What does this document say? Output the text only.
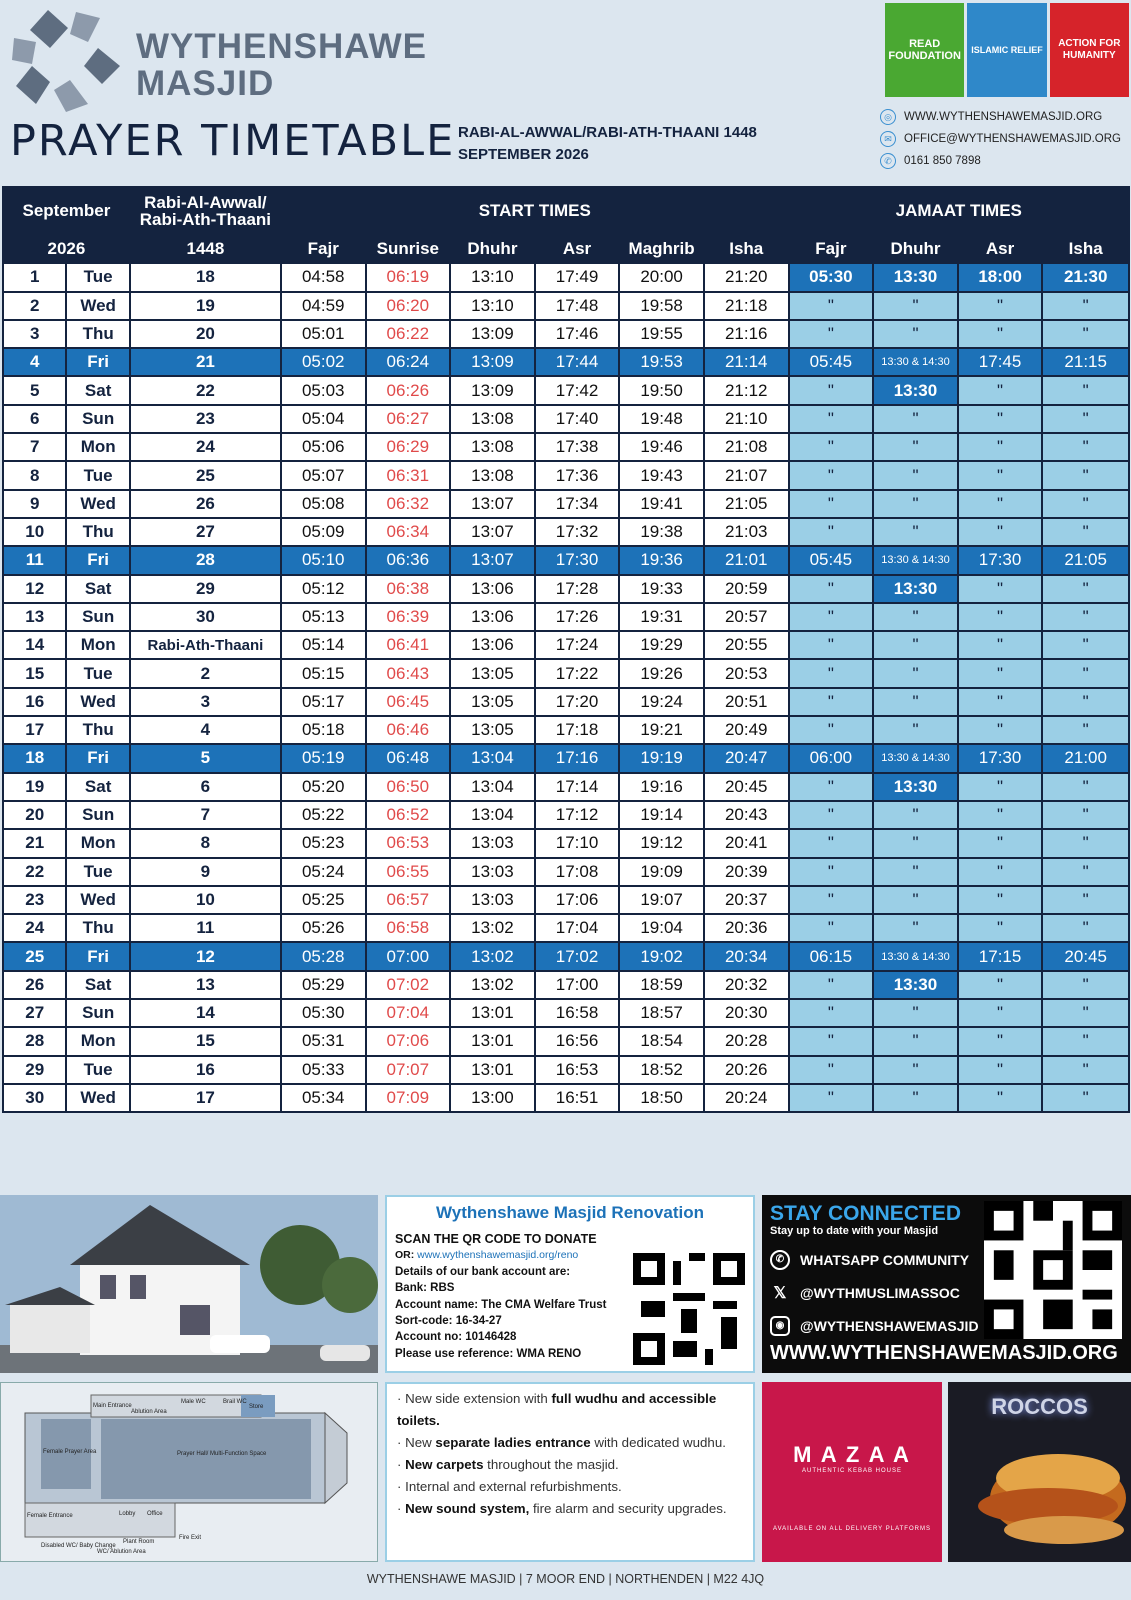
WYTHENSHAWE
MASJID
PRAYER TIMETABLE RABI-AL-AWWAL/RABI-ATH-THAANI 1448
SEPTEMBER 2026
READ FOUNDATION	ISLAMIC RELIEF
ACTION FOR HUMANITY
◎	WWW.WYTHENSHAWEMASJID.ORG
✉	OFFICE@WYTHENSHAWEMASJID.ORG
✆	0161 850 7898
September		Rabi-Al-Awwal/ Rabi-Ath-Thaani	START TIMES						JAMAAT TIMES			
2026		1448	Fajr	Sunrise	Dhuhr	Asr	Maghrib	Isha	Fajr	Dhuhr	Asr	Isha
1	Tue	18	04:58	06:19	13:10	17:49	20:00	21:20	05:30	13:30	18:00	21:30
2	Wed	19	04:59	06:20	13:10	17:48	19:58	21:18	"	"	"	"
3	Thu	20	05:01	06:22	13:09	17:46	19:55	21:16	"	"	"	"
4	Fri	21	05:02	06:24	13:09	17:44	19:53	21:14	05:45	13:30 & 14:30	17:45	21:15
5	Sat	22	05:03	06:26	13:09	17:42	19:50	21:12	"	13:30	"	"
6	Sun	23	05:04	06:27	13:08	17:40	19:48	21:10	"	"	"	"
7	Mon	24	05:06	06:29	13:08	17:38	19:46	21:08	"	"	"	"
8	Tue	25	05:07	06:31	13:08	17:36	19:43	21:07	"	"	"	"
9	Wed	26	05:08	06:32	13:07	17:34	19:41	21:05	"	"	"	"
10	Thu	27	05:09	06:34	13:07	17:32	19:38	21:03	"	"	"	"
11	Fri	28	05:10	06:36	13:07	17:30	19:36	21:01	05:45	13:30 & 14:30	17:30	21:05
12	Sat	29	05:12	06:38	13:06	17:28	19:33	20:59	"	13:30	"	"
13	Sun	30	05:13	06:39	13:06	17:26	19:31	20:57	"	"	"	"
14	Mon	Rabi-Ath-Thaani	05:14	06:41	13:06	17:24	19:29	20:55	"	"	"	"
15	Tue	2	05:15	06:43	13:05	17:22	19:26	20:53	"	"	"	"
16	Wed	3	05:17	06:45	13:05	17:20	19:24	20:51	"	"	"	"
17	Thu	4	05:18	06:46	13:05	17:18	19:21	20:49	"	"	"	"
18	Fri	5	05:19	06:48	13:04	17:16	19:19	20:47	06:00	13:30 & 14:30	17:30	21:00
19	Sat	6	05:20	06:50	13:04	17:14	19:16	20:45	"	13:30	"	"
20	Sun	7	05:22	06:52	13:04	17:12	19:14	20:43	"	"	"	"
21	Mon	8	05:23	06:53	13:03	17:10	19:12	20:41	"	"	"	"
22	Tue	9	05:24	06:55	13:03	17:08	19:09	20:39	"	"	"	"
23	Wed	10	05:25	06:57	13:03	17:06	19:07	20:37	"	"	"	"
24	Thu	11	05:26	06:58	13:02	17:04	19:04	20:36	"	"	"	"
25	Fri	12	05:28	07:00	13:02	17:02	19:02	20:34	06:15	13:30 & 14:30	17:15	20:45
26	Sat	13	05:29	07:02	13:02	17:00	18:59	20:32	"	13:30	"	"
27	Sun	14	05:30	07:04	13:01	16:58	18:57	20:30	"	"	"	"
28	Mon	15	05:31	07:06	13:01	16:56	18:54	20:28	"	"	"	"
29	Tue	16	05:33	07:07	13:01	16:53	18:52	20:26	"	"	"	"
30	Wed	17	05:34	07:09	13:00	16:51	18:50	20:24	"	"	"	"
Wythenshawe Masjid Renovation
SCAN THE QR CODE TO DONATE
OR: www.wythenshawemasjid.org/reno
Details of our bank account are:
Bank: RBS
Account name: The CMA Welfare Trust
Sort-code: 16-34-27
Account no: 10146428
Please use reference: WMA RENO
STAY CONNECTED
Stay up to date with your Masjid
✆	WHATSAPP COMMUNITY
𝕏 @WYTHMUSLIMASSOC
◉	@WYTHENSHAWEMASJID
WWW.WYTHENSHAWEMASJID.ORG
Main Entrance
Ablution Area
Male WC	Brail WC
Store
Female Prayer Area	Prayer Hall/ Multi-Function Space
Female Entrance	Lobby Office
Disabled WC/ Baby Change
WC/ Ablution Area
Plant Room
Fire Exit
· New side extension with full wudhu and accessible toilets.
· New separate ladies entrance with dedicated wudhu.
· New carpets throughout the masjid.
· Internal and external refurbishments.
· New sound system, fire alarm and security upgrades.
M A Z A A
AUTHENTIC KEBAB HOUSE
AVAILABLE ON ALL DELIVERY PLATFORMS
ROCCOS
WYTHENSHAWE MASJID | 7 MOOR END | NORTHENDEN | M22 4JQ
